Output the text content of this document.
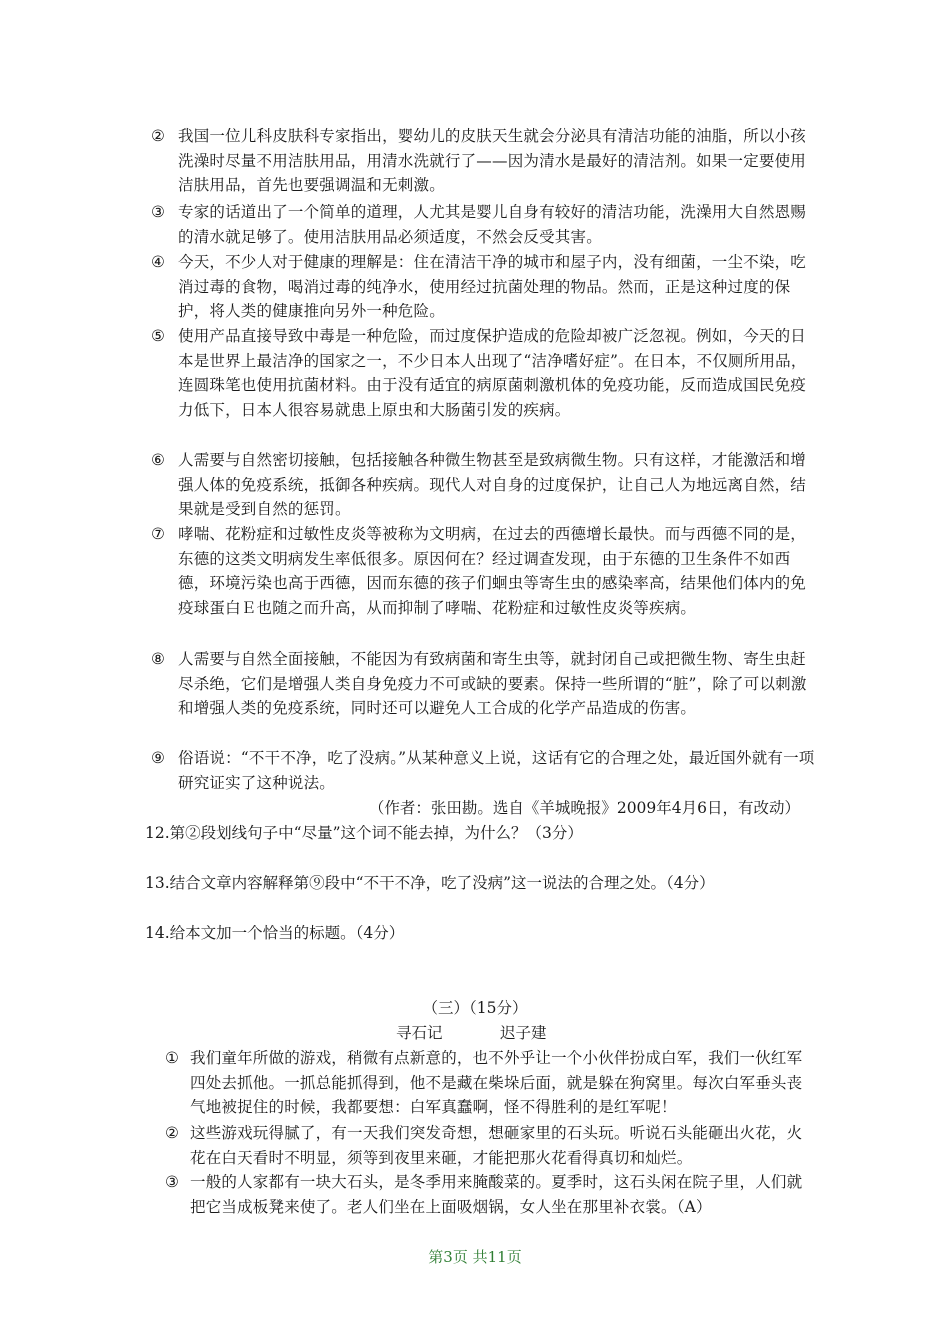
② 我国一位儿科皮肤科专家指出，婴幼儿的皮肤天生就会分泌具有清洁功能的油脂，所以小孩洗澡时尽量不用洁肤用品，用清水洗就行了——因为清水是最好的清洁剂。如果一定要使用洁肤用品，首先也要强调温和无刺激。
③ 专家的话道出了一个简单的道理，人尤其是婴儿自身有较好的清洁功能，洗澡用大自然恩赐的清水就足够了。使用洁肤用品必须适度，不然会反受其害。
④ 今天，不少人对于健康的理解是：住在清洁干净的城市和屋子内，没有细菌，一尘不染，吃消过毒的食物，喝消过毒的纯净水，使用经过抗菌处理的物品。然而，正是这种过度的保护，将人类的健康推向另外一种危险。
⑤ 使用产品直接导致中毒是一种危险，而过度保护造成的危险却被广泛忽视。例如，今天的日本是世界上最洁净的国家之一，不少日本人出现了“洁净嗜好症”。在日本，不仅厕所用品，连圆珠笔也使用抗菌材料。由于没有适宜的病原菌刺激机体的免疫功能，反而造成国民免疫力低下，日本人很容易就患上原虫和大肠菌引发的疾病。
⑥ 人需要与自然密切接触，包括接触各种微生物甚至是致病微生物。只有这样，才能激活和增强人体的免疫系统，抵御各种疾病。现代人对自身的过度保护，让自己人为地远离自然，结果就是受到自然的惩罚。
⑦ 哮喘、花粉症和过敏性皮炎等被称为文明病，在过去的西德增长最快。而与西德不同的是，东德的这类文明病发生率低很多。原因何在？经过调查发现，由于东德的卫生条件不如西德，环境污染也高于西德，因而东德的孩子们蛔虫等寄生虫的感染率高，结果他们体内的免疫球蛋白Ｅ也随之而升高，从而抑制了哮喘、花粉症和过敏性皮炎等疾病。
⑧ 人需要与自然全面接触，不能因为有致病菌和寄生虫等，就封闭自己或把微生物、寄生虫赶尽杀绝，它们是增强人类自身免疫力不可或缺的要素。保持一些所谓的“脏”，除了可以刺激和增强人类的免疫系统，同时还可以避免人工合成的化学产品造成的伤害。
⑨ 俗语说：“不干不净，吃了没病。”从某种意义上说，这话有它的合理之处，最近国外就有一项研究证实了这种说法。
（作者：张田勘。选自《羊城晚报》2009年4月6日，有改动）
12.第②段划线句子中“尽量”这个词不能去掉，为什么？（3分）
13.结合文章内容解释第⑨段中“不干不净，吃了没病”这一说法的合理之处。（4分）
14.给本文加一个恰当的标题。（4分）
（三）（15分）
寻石记	迟子建
① 我们童年所做的游戏，稍微有点新意的，也不外乎让一个小伙伴扮成白军，我们一伙红军四处去抓他。一抓总能抓得到，他不是藏在柴垛后面，就是躲在狗窝里。每次白军垂头丧气地被捉住的时候，我都要想：白军真蠢啊，怪不得胜利的是红军呢！
② 这些游戏玩得腻了，有一天我们突发奇想，想砸家里的石头玩。听说石头能砸出火花，火花在白天看时不明显，须等到夜里来砸，才能把那火花看得真切和灿烂。
③ 一般的人家都有一块大石头，是冬季用来腌酸菜的。夏季时，这石头闲在院子里，人们就把它当成板凳来使了。老人们坐在上面吸烟锅，女人坐在那里补衣裳。（A）
第3页 共11页
